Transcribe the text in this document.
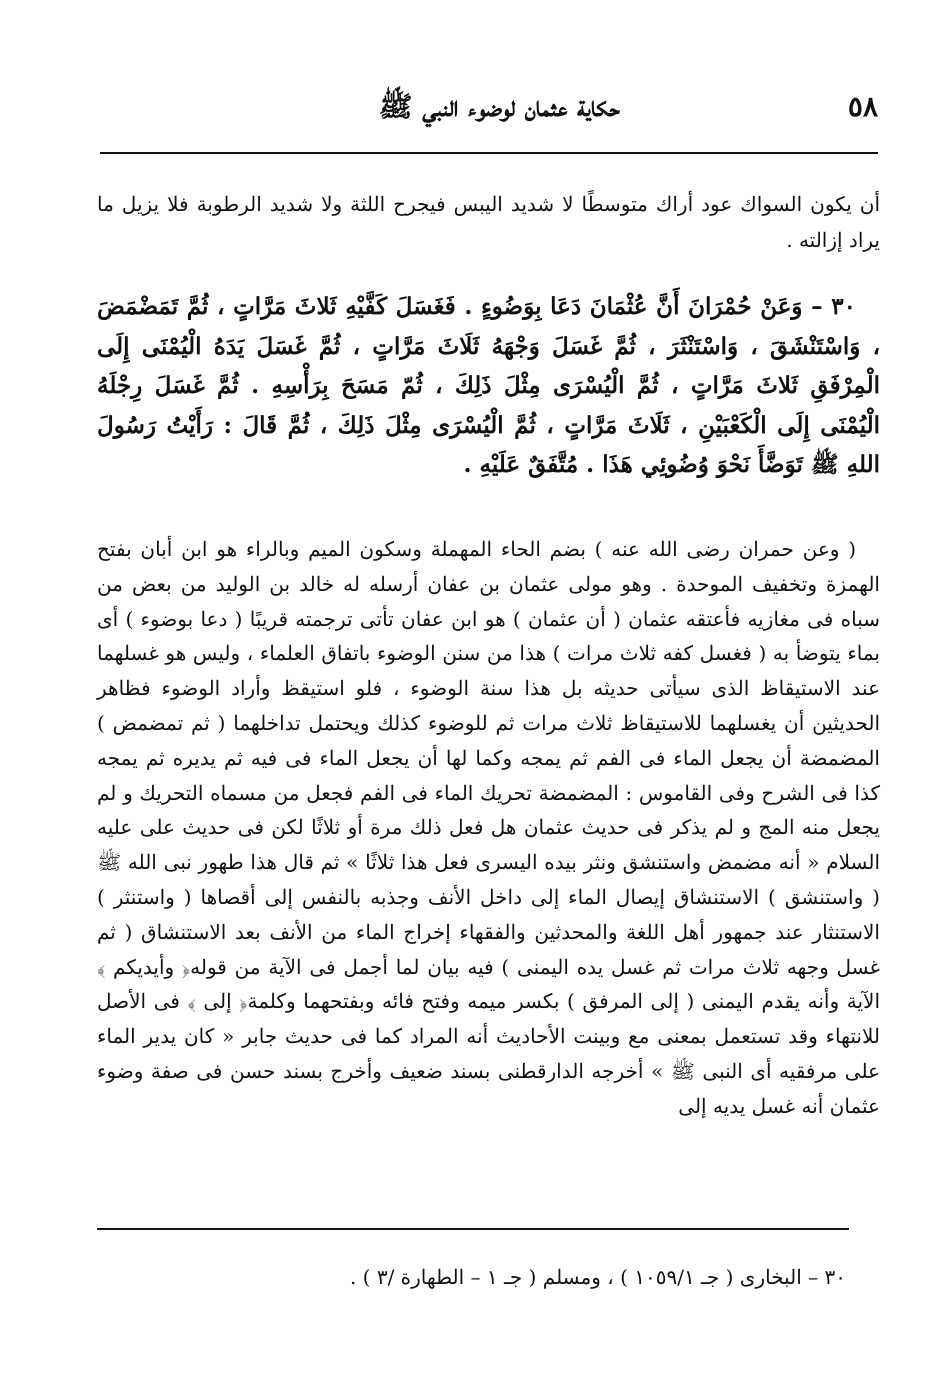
٥٨
حكاية عثمان لوضوء النبي ﷺ

أن يكون السواك عود أراك متوسطًا لا شديد اليبس فيجرح اللثة ولا شديد الرطوبة فلا يزيل ما يراد إزالته .

٣٠ – وَعَنْ حُمْرَانَ أَنَّ عُثْمَانَ دَعَا بِوَضُوءٍ . فَغَسَلَ كَفَّيْهِ ثَلاثَ مَرَّاتٍ ، ثُمَّ تَمَضْمَضَ ، وَاسْتَنْشَقَ ، وَاسْتَنْثَرَ ، ثُمَّ غَسَلَ وَجْهَهُ ثَلَاثَ مَرَّاتٍ ، ثُمَّ غَسَلَ يَدَهُ الْيُمْنَى إِلَى الْمِرْفَقِ ثَلاثَ مَرَّاتٍ ، ثُمَّ الْيُسْرَى مِثْلَ ذَلِكَ ، ثُمّ مَسَحَ بِرَأْسِهِ . ثُمَّ غَسَلَ رِجْلَهُ الْيُمْنَى إِلَى الْكَعْبَيْنِ ، ثَلَاثَ مَرَّاتٍ ، ثُمَّ الْيُسْرَى مِثْلَ ذَلِكَ ، ثُمَّ قَالَ : رَأَيْتُ رَسُولَ اللهِ ﷺ تَوَضَّأَ نَحْوَ وُضُوئِي هَذَا . مُتَّفَقٌ عَلَيْهِ .

( وعن حمران رضى الله عنه ) بضم الحاء المهملة وسكون الميم وبالراء هو ابن أبان بفتح الهمزة وتخفيف الموحدة . وهو مولى عثمان بن عفان أرسله له خالد بن الوليد من بعض من سباه فى مغازيه فأعتقه عثمان ( أن عثمان ) هو ابن عفان تأتى ترجمته قريبًا ( دعا بوضوء ) أى بماء يتوضأ به ( فغسل كفه ثلاث مرات ) هذا من سنن الوضوء باتفاق العلماء ، وليس هو غسلهما عند الاستيقاظ الذى سيأتى حديثه بل هذا سنة الوضوء ، فلو استيقظ وأراد الوضوء فظاهر الحديثين أن يغسلهما للاستيقاظ ثلاث مرات ثم للوضوء كذلك ويحتمل تداخلهما ( ثم تمضمض ) المضمضة أن يجعل الماء فى الفم ثم يمجه وكما لها أن يجعل الماء فى فيه ثم يديره ثم يمجه كذا فى الشرح وفى القاموس : المضمضة تحريك الماء فى الفم فجعل من مسماه التحريك و لم يجعل منه المج و لم يذكر فى حديث عثمان هل فعل ذلك مرة أو ثلاثًا لكن فى حديث على عليه السلام « أنه مضمض واستنشق ونثر بيده اليسرى فعل هذا ثلاثًا » ثم قال هذا طهور نبى الله ﷺ ( واستنشق ) الاستنشاق إيصال الماء إلى داخل الأنف وجذبه بالنفس إلى أقصاها ( واستنثر ) الاستنثار عند جمهور أهل اللغة والمحدثين والفقهاء إخراج الماء من الأنف بعد الاستنشاق ( ثم غسل وجهه ثلاث مرات ثم غسل يده اليمنى ) فيه بيان لما أجمل فى الآية من قوله﴿ وأيديكم ﴾الآية وأنه يقدم اليمنى ( إلى المرفق ) بكسر ميمه وفتح فائه وبفتحهما وكلمة﴿ إلى ﴾ فى الأصل للانتهاء وقد تستعمل بمعنى مع وبينت الأحاديث أنه المراد كما فى حديث جابر « كان يدير الماء على مرفقيه أى النبى ﷺ » أخرجه الدارقطنى بسند ضعيف وأخرج بسند حسن فى صفة وضوء عثمان أنه غسل يديه إلى

٣٠ – البخارى ( جـ ١٠٥٩/١ ) ، ومسلم ( جـ ١ – الطهارة /٣ ) .
